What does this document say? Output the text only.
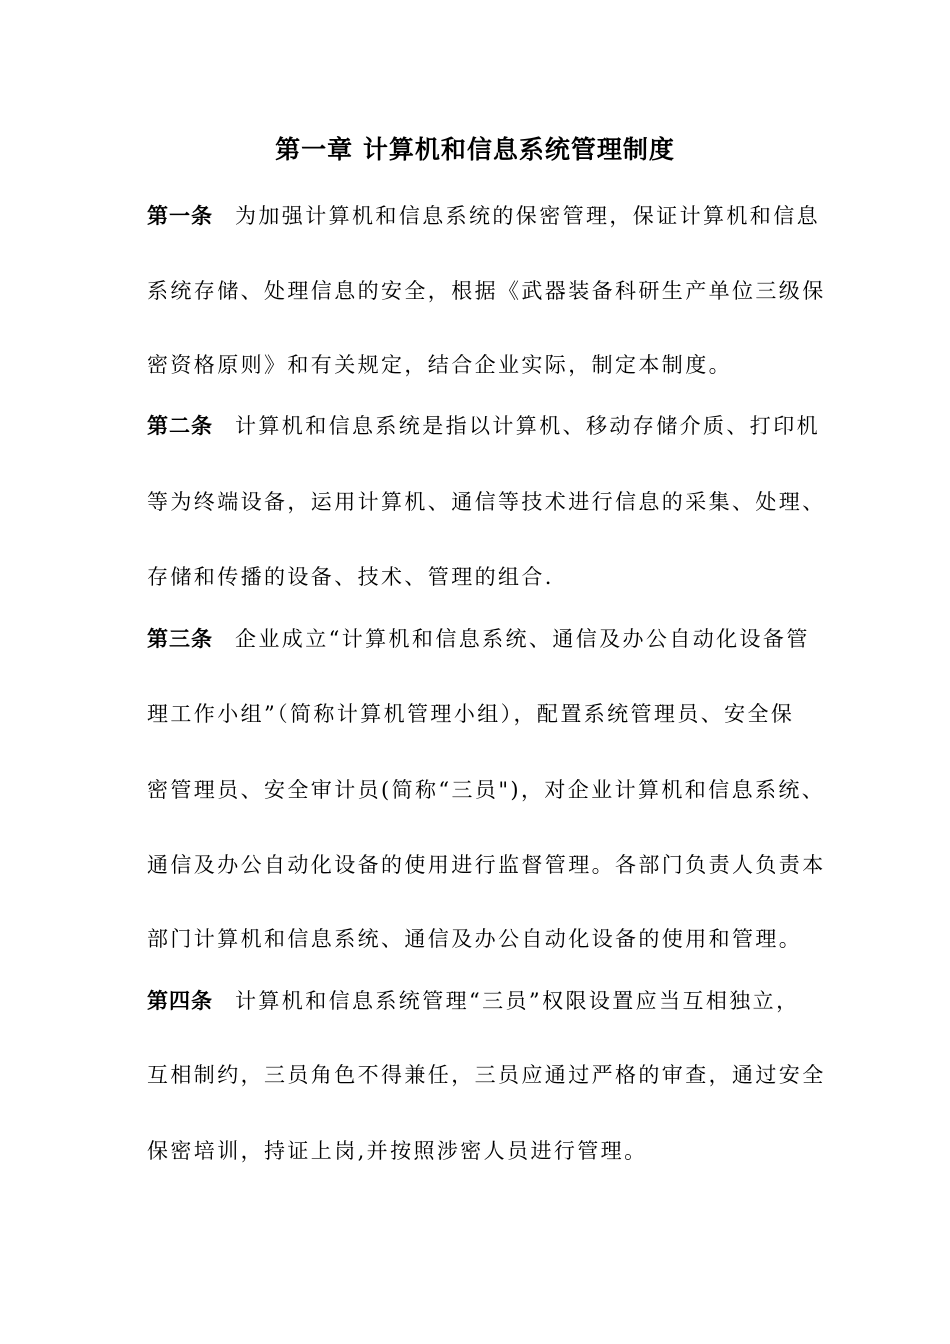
第一章 计算机和信息系统管理制度
第一条 为加强计算机和信息系统的保密管理，保证计算机和信息
系统存储、处理信息的安全，根据《武器装备科研生产单位三级保
密资格原则》和有关规定，结合企业实际，制定本制度。
第二条 计算机和信息系统是指以计算机、移动存储介质、打印机
等为终端设备，运用计算机、通信等技术进行信息的采集、处理、
存储和传播的设备、技术、管理的组合.
第三条 企业成立“计算机和信息系统、通信及办公自动化设备管
理工作小组”（简称计算机管理小组），配置系统管理员、安全保
密管理员、安全审计员(简称“三员")，对企业计算机和信息系统、
通信及办公自动化设备的使用进行监督管理。各部门负责人负责本
部门计算机和信息系统、通信及办公自动化设备的使用和管理。
第四条 计算机和信息系统管理“三员”权限设置应当互相独立，
互相制约，三员角色不得兼任，三员应通过严格的审查，通过安全
保密培训，持证上岗,并按照涉密人员进行管理。
